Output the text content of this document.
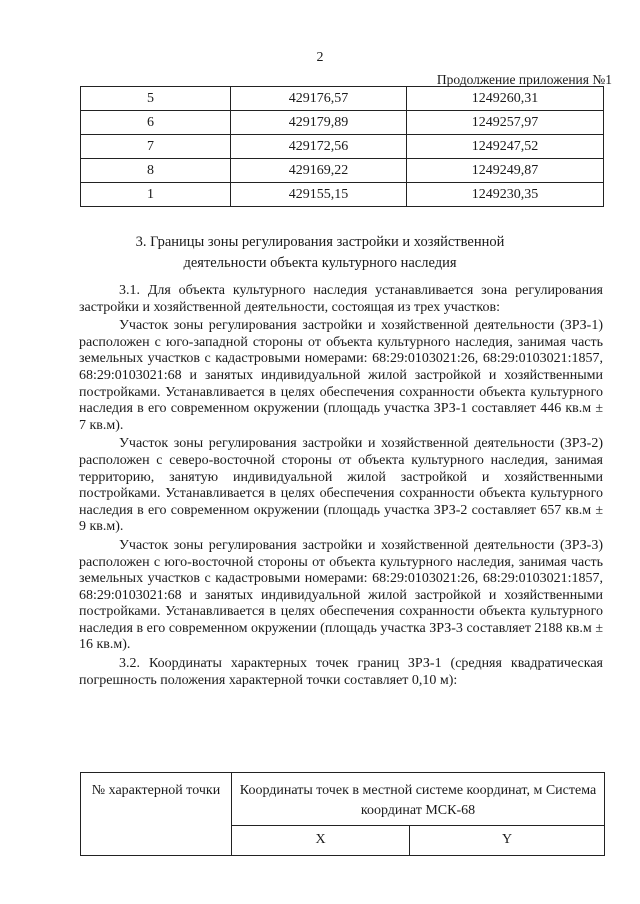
2
Продолжение приложения №1
5	429176,57	1249260,31
6	429179,89	1249257,97
7	429172,56	1249247,52
8	429169,22	1249249,87
1	429155,15	1249230,35
3. Границы зоны регулирования застройки и хозяйственной
деятельности объекта культурного наследия

3.1. Для объекта культурного наследия устанавливается зона регулирования застройки и хозяйственной деятельности, состоящая из трех участков:

Участок зоны регулирования застройки и хозяйственной деятельности (ЗРЗ-1) расположен с юго-западной стороны от объекта культурного наследия, занимая часть земельных участков с кадастровыми номерами: 68:29:0103021:26, 68:29:0103021:1857, 68:29:0103021:68 и занятых индивидуальной жилой застройкой и хозяйственными постройками. Устанавливается в целях обеспечения сохранности объекта культурного наследия в его современном окружении (площадь участка ЗРЗ-1 составляет 446 кв.м ± 7 кв.м).

Участок зоны регулирования застройки и хозяйственной деятельности (ЗРЗ-2) расположен с северо-восточной стороны от объекта культурного наследия, занимая территорию, занятую индивидуальной жилой застройкой и хозяйственными постройками. Устанавливается в целях обеспечения сохранности объекта культурного наследия в его современном окружении (площадь участка ЗРЗ-2 составляет 657 кв.м ± 9 кв.м).

Участок зоны регулирования застройки и хозяйственной деятельности (ЗРЗ-3) расположен с юго-восточной стороны от объекта культурного наследия, занимая часть земельных участков с кадастровыми номерами: 68:29:0103021:26, 68:29:0103021:1857, 68:29:0103021:68 и занятых индивидуальной жилой застройкой и хозяйственными постройками. Устанавливается в целях обеспечения сохранности объекта культурного наследия в его современном окружении (площадь участка ЗРЗ-3 составляет 2188 кв.м ± 16 кв.м).

3.2. Координаты характерных точек границ ЗРЗ-1 (средняя квадратическая погрешность положения характерной точки составляет 0,10 м):

№ характерной точки	Координаты точек в местной системе координат, м Система координат МСК-68	
	X	Y
